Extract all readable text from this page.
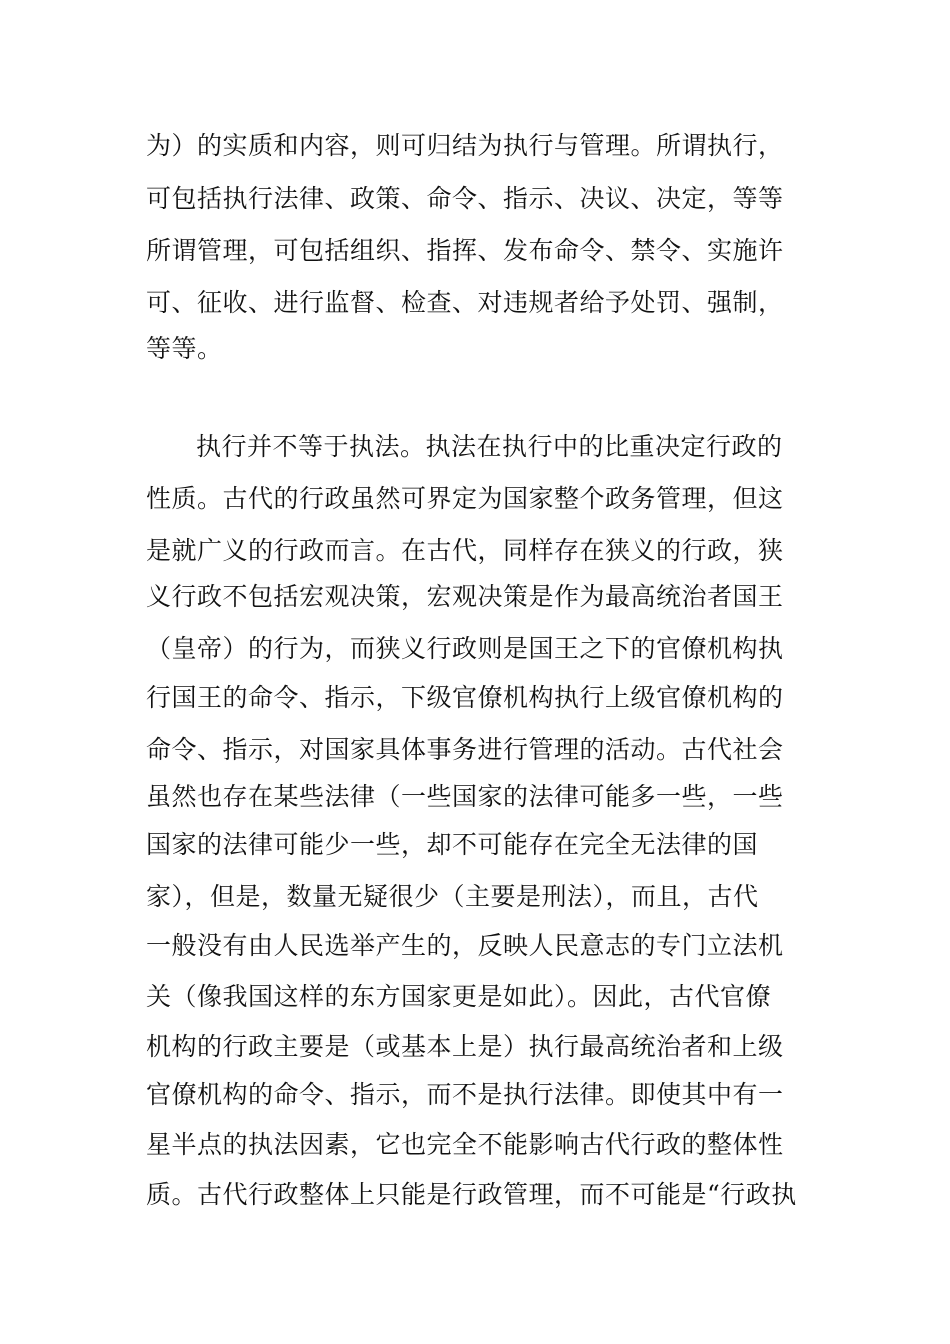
为）的实质和内容，则可归结为执行与管理。所谓执行，
可包括执行法律、政策、命令、指示、决议、决定，等等
所谓管理，可包括组织、指挥、发布命令、禁令、实施许
可、征收、进行监督、检查、对违规者给予处罚、强制，
等等。
执行并不等于执法。执法在执行中的比重决定行政的
性质。古代的行政虽然可界定为国家整个政务管理，但这
是就广义的行政而言。在古代，同样存在狭义的行政，狭
义行政不包括宏观决策，宏观决策是作为最高统治者国王
（皇帝）的行为，而狭义行政则是国王之下的官僚机构执
行国王的命令、指示，下级官僚机构执行上级官僚机构的
命令、指示，对国家具体事务进行管理的活动。古代社会
虽然也存在某些法律（一些国家的法律可能多一些，一些
国家的法律可能少一些，却不可能存在完全无法律的国
家），但是，数量无疑很少（主要是刑法），而且，古代
一般没有由人民选举产生的，反映人民意志的专门立法机
关（像我国这样的东方国家更是如此）。因此，古代官僚
机构的行政主要是（或基本上是）执行最高统治者和上级
官僚机构的命令、指示，而不是执行法律。即使其中有一
星半点的执法因素，它也完全不能影响古代行政的整体性
质。古代行政整体上只能是行政管理，而不可能是“行政执
